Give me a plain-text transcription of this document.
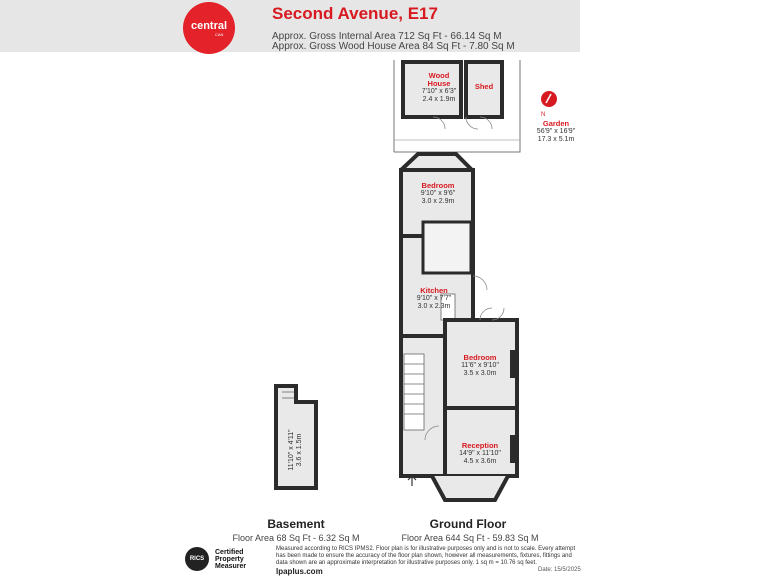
central
CAN
Second Avenue, E17
Approx. Gross Internal Area 712 Sq Ft - 66.14 Sq M
Approx. Gross Wood House Area 84 Sq Ft - 7.80 Sq M
N
Wood
House
7'10" x 6'3"
2.4 x 1.9m
Shed
Garden
56'9" x 16'9"
17.3 x 5.1m
Bedroom
9'10" x 9'6"
3.0 x 2.9m
Kitchen
9'10" x 7'7"
3.0 x 2.3m
Bedroom
11'6" x 9'10"
3.5 x 3.0m
Reception
14'9" x 11'10"
4.5 x 3.6m
11'10" x 4'11" 3.6 x 1.5m
Basement
Floor Area 68 Sq Ft - 6.32 Sq M
Ground Floor
Floor Area 644 Sq Ft - 59.83 Sq M
RICS
Certified
Property
Measurer
Measured according to RICS IPMS2. Floor plan is for illustrative purposes only and is not to scale. Every attempt has been made to ensure the accuracy of the floor plan shown, however all measurements, fixtures, fittings and data shown are an approximate interpretation for illustrative purposes only. 1 sq m = 10.76 sq feet.
lpaplus.com	Date: 15/5/2025
